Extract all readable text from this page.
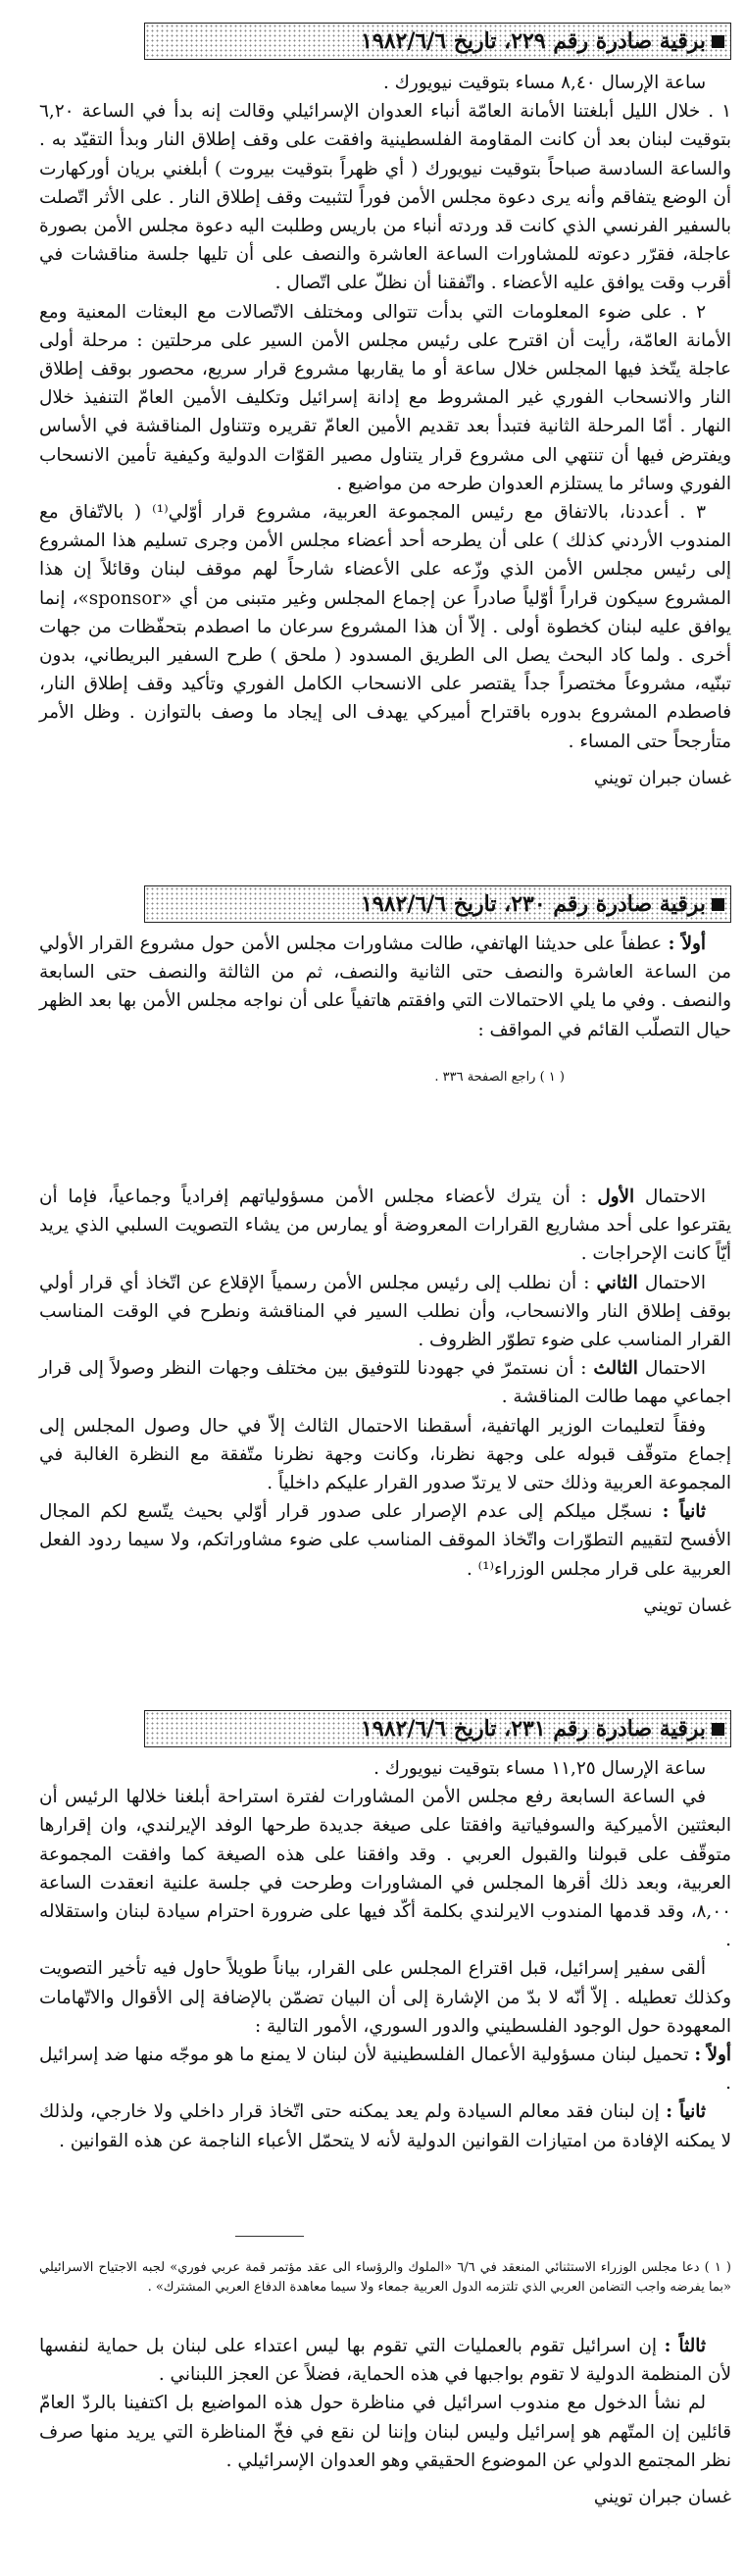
برقية صادرة رقم ٢٢٩، تاريخ ١٩٨٢/٦/٦

ساعة الإرسال ٨,٤٠ مساء بتوقيت نيويورك .

١ . خلال الليل أبلغتنا الأمانة العامّة أنباء العدوان الإسرائيلي وقالت إنه بدأ في الساعة ٦,٢٠ بتوقيت لبنان بعد أن كانت المقاومة الفلسطينية وافقت على وقف إطلاق النار وبدأ التقيّد به . والساعة السادسة صباحاً بتوقيت نيويورك ( أي ظهراً بتوقيت بيروت ) أبلغني بريان أوركهارت أن الوضع يتفاقم وأنه يرى دعوة مجلس الأمن فوراً لتثبيت وقف إطلاق النار . على الأثر اتّصلت بالسفير الفرنسي الذي كانت قد وردته أنباء من باريس وطلبت اليه دعوة مجلس الأمن بصورة عاجلة، فقرّر دعوته للمشاورات الساعة العاشرة والنصف على أن تليها جلسة مناقشات في أقرب وقت يوافق عليه الأعضاء . واتّفقنا أن نظلّ على اتّصال .

٢ . على ضوء المعلومات التي بدأت تتوالى ومختلف الاتّصالات مع البعثات المعنية ومع الأمانة العامّة، رأيت أن اقترح على رئيس مجلس الأمن السير على مرحلتين : مرحلة أولى عاجلة يتّخذ فيها المجلس خلال ساعة أو ما يقاربها مشروع قرار سريع، محصور بوقف إطلاق النار والانسحاب الفوري غير المشروط مع إدانة إسرائيل وتكليف الأمين العامّ التنفيذ خلال النهار . أمّا المرحلة الثانية فتبدأ بعد تقديم الأمين العامّ تقريره وتتناول المناقشة في الأساس ويفترض فيها أن تنتهي الى مشروع قرار يتناول مصير القوّات الدولية وكيفية تأمين الانسحاب الفوري وسائر ما يستلزم العدوان طرحه من مواضيع .

٣ . أعددنا، بالاتفاق مع رئيس المجموعة العربية، مشروع قرار أوّلي⁽¹⁾ ( بالاتّفاق مع المندوب الأردني كذلك ) على أن يطرحه أحد أعضاء مجلس الأمن وجرى تسليم هذا المشروع إلى رئيس مجلس الأمن الذي وزّعه على الأعضاء شارحاً لهم موقف لبنان وقائلاً إن هذا المشروع سيكون قراراً أوّلياً صادراً عن إجماع المجلس وغير متبنى من أي «sponsor»، إنما يوافق عليه لبنان كخطوة أولى . إلاّ أن هذا المشروع سرعان ما اصطدم بتحفّظات من جهات أخرى . ولما كاد البحث يصل الى الطريق المسدود ( ملحق ) طرح السفير البريطاني، بدون تبنّيه، مشروعاً مختصراً جداً يقتصر على الانسحاب الكامل الفوري وتأكيد وقف إطلاق النار، فاصطدم المشروع بدوره باقتراح أميركي يهدف الى إيجاد ما وصف بالتوازن . وظل الأمر متأرجحاً حتى المساء .

غسان جبران تويني

برقية صادرة رقم ٢٣٠، تاريخ ١٩٨٢/٦/٦

أولاً : عطفاً على حديثنا الهاتفي، طالت مشاورات مجلس الأمن حول مشروع القرار الأولي من الساعة العاشرة والنصف حتى الثانية والنصف، ثم من الثالثة والنصف حتى السابعة والنصف . وفي ما يلي الاحتمالات التي وافقتم هاتفياً على أن نواجه مجلس الأمن بها بعد الظهر حيال التصلّب القائم في المواقف :

( ١ ) راجع الصفحة ٣٣٦ .

الاحتمال الأول : أن يترك لأعضاء مجلس الأمن مسؤولياتهم إفرادياً وجماعياً، فإما أن يقترعوا على أحد مشاريع القرارات المعروضة أو يمارس من يشاء التصويت السلبي الذي يريد أيّاً كانت الإحراجات .

الاحتمال الثاني : أن نطلب إلى رئيس مجلس الأمن رسمياً الإقلاع عن اتّخاذ أي قرار أولي بوقف إطلاق النار والانسحاب، وأن نطلب السير في المناقشة ونطرح في الوقت المناسب القرار المناسب على ضوء تطوّر الظروف .

الاحتمال الثالث : أن نستمرّ في جهودنا للتوفيق بين مختلف وجهات النظر وصولاً إلى قرار اجماعي مهما طالت المناقشة .

وفقاً لتعليمات الوزير الهاتفية، أسقطنا الاحتمال الثالث إلاّ في حال وصول المجلس إلى إجماع متوقّف قبوله على وجهة نظرنا، وكانت وجهة نظرنا متّفقة مع النظرة الغالبة في المجموعة العربية وذلك حتى لا يرتدّ صدور القرار عليكم داخلياً .

ثانياً : نسجّل ميلكم إلى عدم الإصرار على صدور قرار أوّلي بحيث يتّسع لكم المجال الأفسح لتقييم التطوّرات واتّخاذ الموقف المناسب على ضوء مشاوراتكم، ولا سيما ردود الفعل العربية على قرار مجلس الوزراء⁽¹⁾ .

غسان تويني

برقية صادرة رقم ٢٣١، تاريخ ١٩٨٢/٦/٦

ساعة الإرسال ١١,٢٥ مساء بتوقيت نيويورك .

في الساعة السابعة رفع مجلس الأمن المشاورات لفترة استراحة أبلغنا خلالها الرئيس أن البعثتين الأميركية والسوفياتية وافقتا على صيغة جديدة طرحها الوفد الإيرلندي، وان إقرارها متوقّف على قبولنا والقبول العربي . وقد وافقنا على هذه الصيغة كما وافقت المجموعة العربية، وبعد ذلك أقرها المجلس في المشاورات وطرحت في جلسة علنية انعقدت الساعة ٨,٠٠، وقد قدمها المندوب الايرلندي بكلمة أكّد فيها على ضرورة احترام سيادة لبنان واستقلاله .

ألقى سفير إسرائيل، قبل اقتراع المجلس على القرار، بياناً طويلاً حاول فيه تأخير التصويت وكذلك تعطيله . إلاّ أنّه لا بدّ من الإشارة إلى أن البيان تضمّن بالإضافة إلى الأقوال والاتّهامات المعهودة حول الوجود الفلسطيني والدور السوري، الأمور التالية :

أولاً : تحميل لبنان مسؤولية الأعمال الفلسطينية لأن لبنان لا يمنع ما هو موجّه منها ضد إسرائيل .

ثانياً : إن لبنان فقد معالم السيادة ولم يعد يمكنه حتى اتّخاذ قرار داخلي ولا خارجي، ولذلك لا يمكنه الإفادة من امتيازات القوانين الدولية لأنه لا يتحمّل الأعباء الناجمة عن هذه القوانين .

( ١ ) دعا مجلس الوزراء الاستثنائي المنعقد في ٦/٦ «الملوك والرؤساء الى عقد مؤتمر قمة عربي فوري» لجبه الاجتياح الاسرائيلي «بما يفرضه واجب التضامن العربي الذي تلتزمه الدول العربية جمعاء ولا سيما معاهدة الدفاع العربي المشترك» .

ثالثاً : إن اسرائيل تقوم بالعمليات التي تقوم بها ليس اعتداء على لبنان بل حماية لنفسها لأن المنظمة الدولية لا تقوم بواجبها في هذه الحماية، فضلاً عن العجز اللبناني .

لم نشأ الدخول مع مندوب اسرائيل في مناظرة حول هذه المواضيع بل اكتفينا بالردّ العامّ قائلين إن المتّهم هو إسرائيل وليس لبنان وإننا لن نقع في فخّ المناظرة التي يريد منها صرف نظر المجتمع الدولي عن الموضوع الحقيقي وهو العدوان الإسرائيلي .

غسان جبران تويني
